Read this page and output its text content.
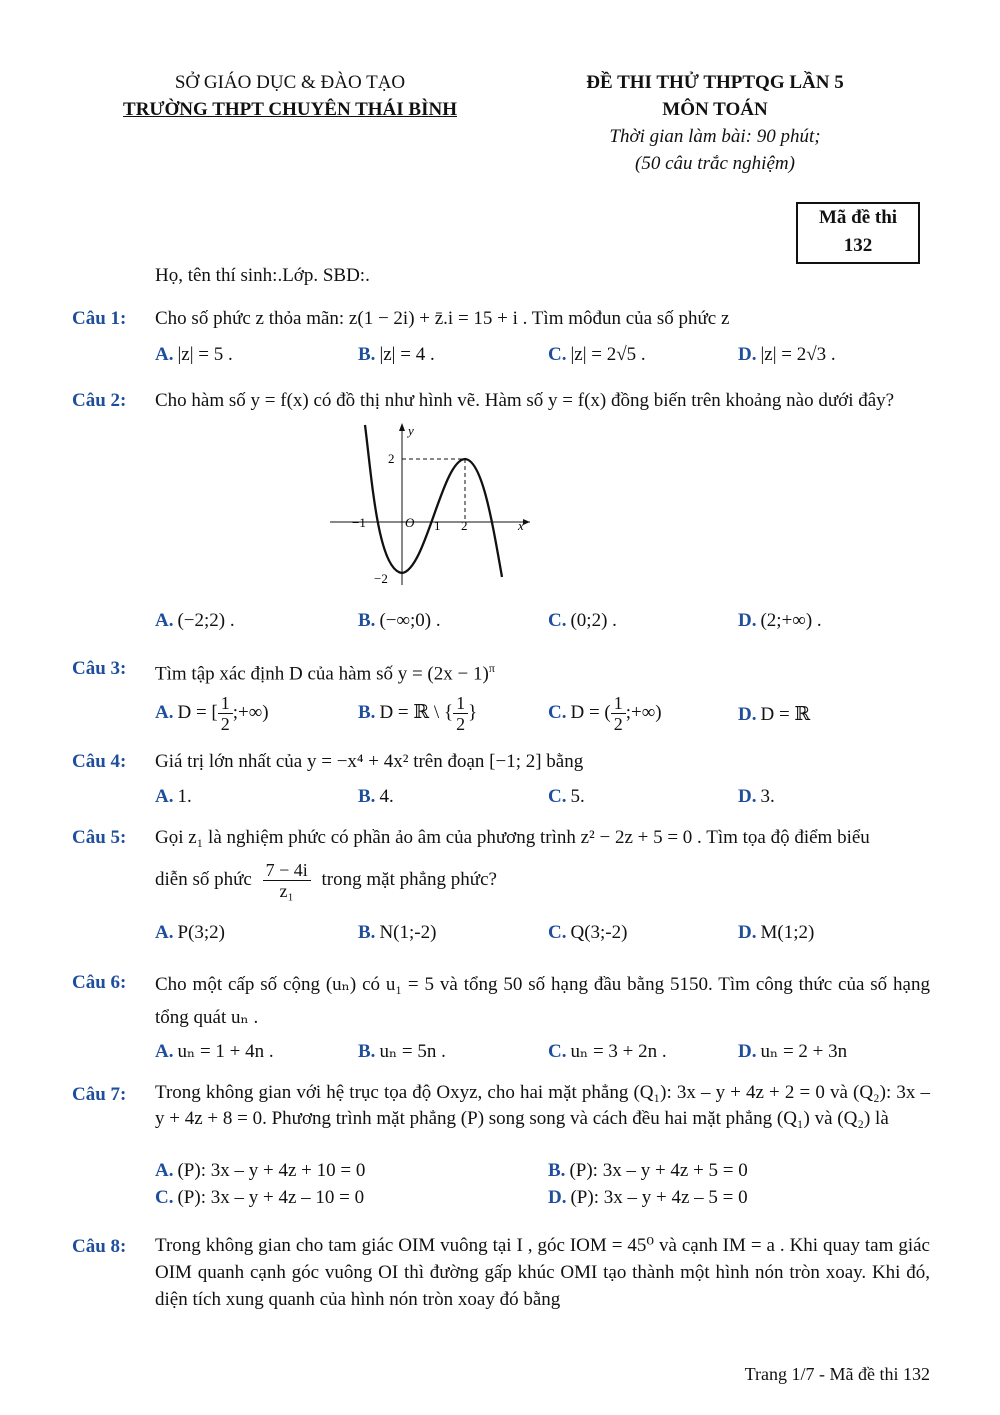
SỞ GIÁO DỤC & ĐÀO TẠO
TRƯỜNG THPT CHUYÊN THÁI BÌNH
ĐỀ THI THỬ THPTQG LẦN 5
MÔN TOÁN
Thời gian làm bài: 90 phút;
(50 câu trắc nghiệm)
Mã đề thi
132
Họ, tên thí sinh:.Lớp. SBD:.
Câu 1: Cho số phức z thỏa mãn: z(1 − 2i) + z̄.i = 15 + i . Tìm môđun của số phức z
A. |z| = 5 .	B. |z| = 4 .	C. |z| = 2√5 .	D. |z| = 2√3 .
Câu 2: Cho hàm số y = f(x) có đồ thị như hình vẽ. Hàm số y = f(x) đồng biến trên khoảng nào dưới đây?
y
x
O
2
−2
−1	1 2
A. (−2;2) .	B. (−∞;0) .	C. (0;2) .	D. (2;+∞) .
Câu 3: Tìm tập xác định D của hàm số $y = (2x - 1)^\pi$
A. D = [ $\frac{1}{2}$ ;+∞)	B. D = ℝ \ { $\frac{1}{2}$ }	C. D = ( $\frac{1}{2}$ ;+∞)	D. D = ℝ
Câu 4: Giá trị lớn nhất của y = −x⁴ + 4x² trên đoạn [−1; 2] bằng
A. 1.	B. 4.	C. 5.	D. 3.
Câu 5: Gọi z₁ là nghiệm phức có phần ảo âm của phương trình z² − 2z + 5 = 0 . Tìm tọa độ điểm biểu
diễn số phức $\frac{7 - 4i}{\text{z₁}}$ trong mặt phẳng phức?
A. P(3;2)	B. N(1;-2)	C. Q(3;-2)	D. M(1;2)
Câu 6: Cho một cấp số cộng (uₙ) có u₁ = 5 và tổng 50 số hạng đầu bằng 5150. Tìm công thức của số hạng tổng quát uₙ .
A. uₙ = 1 + 4n .	B. uₙ = 5n .	C. uₙ = 3 + 2n .	D. uₙ = 2 + 3n
Câu 7: Trong không gian với hệ trục tọa độ Oxyz, cho hai mặt phẳng (Q₁): 3x – y + 4z + 2 = 0 và (Q₂): 3x – y + 4z + 8 = 0. Phương trình mặt phẳng (P) song song và cách đều hai mặt phẳng (Q₁) và (Q₂) là
A. (P): 3x – y + 4z + 10 = 0	B. (P): 3x – y + 4z + 5 = 0
C. (P): 3x – y + 4z – 10 = 0	D. (P): 3x – y + 4z – 5 = 0
Câu 8: Trong không gian cho tam giác OIM vuông tại I , góc IOM = 45⁰ và cạnh IM = a . Khi quay tam giác OIM quanh cạnh góc vuông OI thì đường gấp khúc OMI tạo thành một hình nón tròn xoay. Khi đó, diện tích xung quanh của hình nón tròn xoay đó bằng
Trang 1/7 - Mã đề thi 132
